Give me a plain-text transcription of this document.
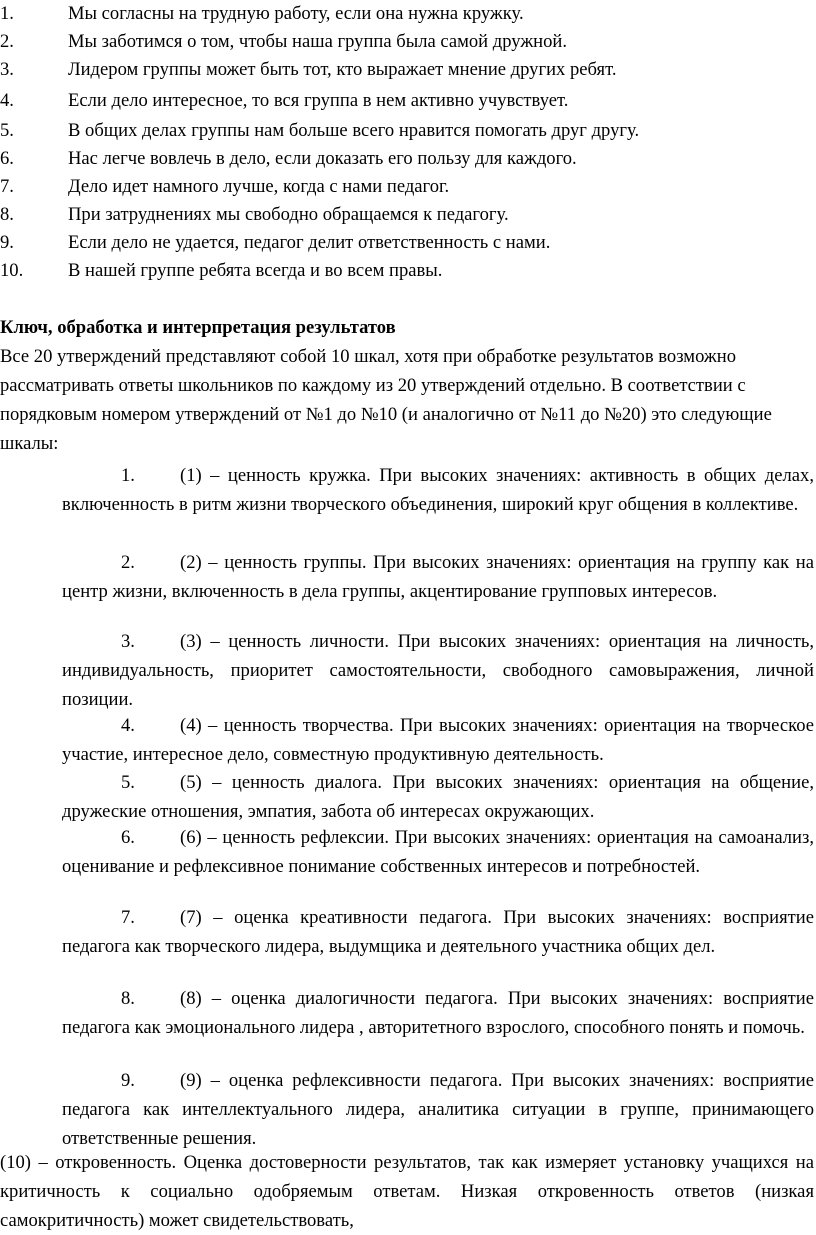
1.	Мы согласны на трудную работу, если она нужна кружку.
2.	Мы заботимся о том, чтобы наша группа была самой дружной.
3.	Лидером группы может быть тот, кто выражает мнение других ребят.
4.	Если дело интересное, то вся группа в нем активно учувствует.
5.	В общих делах группы нам больше всего нравится помогать друг другу.
6.	Нас легче вовлечь в дело, если доказать его пользу для каждого.
7.	Дело идет намного лучше, когда с нами педагог.
8.	При затруднениях мы свободно обращаемся к педагогу.
9.	Если дело не удается, педагог делит ответственность с нами.
10.	В нашей группе ребята всегда и во всем правы.
Ключ, обработка и интерпретация результатов
Все 20 утверждений представляют собой 10 шкал, хотя при обработке результатов возможно рассматривать ответы школьников по каждому из 20 утверждений отдельно. В соответствии с порядковым номером утверждений от №1 до №10 (и аналогично от №11 до №20) это следующие шкалы:
1. (1) – ценность кружка. При высоких значениях: активность в общих делах, включенность в ритм жизни творческого объединения, широкий круг общения в коллективе.
2. (2) – ценность группы. При высоких значениях: ориентация на группу как на центр жизни, включенность в дела группы, акцентирование групповых интересов.
3. (3) – ценность личности. При высоких значениях: ориентация на личность, индивидуальность, приоритет самостоятельности, свободного самовыражения, личной позиции.
4. (4) – ценность творчества. При высоких значениях: ориентация на творческое участие, интересное дело, совместную продуктивную деятельность.
5. (5) – ценность диалога. При высоких значениях: ориентация на общение, дружеские отношения, эмпатия, забота об интересах окружающих.
6. (6) – ценность рефлексии. При высоких значениях: ориентация на самоанализ, оценивание и рефлексивное понимание собственных интересов и потребностей.
7. (7) – оценка креативности педагога. При высоких значениях: восприятие педагога как творческого лидера, выдумщика и деятельного участника общих дел.
8. (8) – оценка диалогичности педагога. При высоких значениях: восприятие педагога как эмоционального лидера , авторитетного взрослого, способного понять и помочь.
9. (9) – оценка рефлексивности педагога. При высоких значениях: восприятие педагога как интеллектуального лидера, аналитика ситуации в группе, принимающего ответственные решения.
(10) – откровенность. Оценка достоверности результатов, так как измеряет установку учащихся на критичность к социально одобряемым ответам. Низкая откровенность ответов (низкая самокритичность) может свидетельствовать,
